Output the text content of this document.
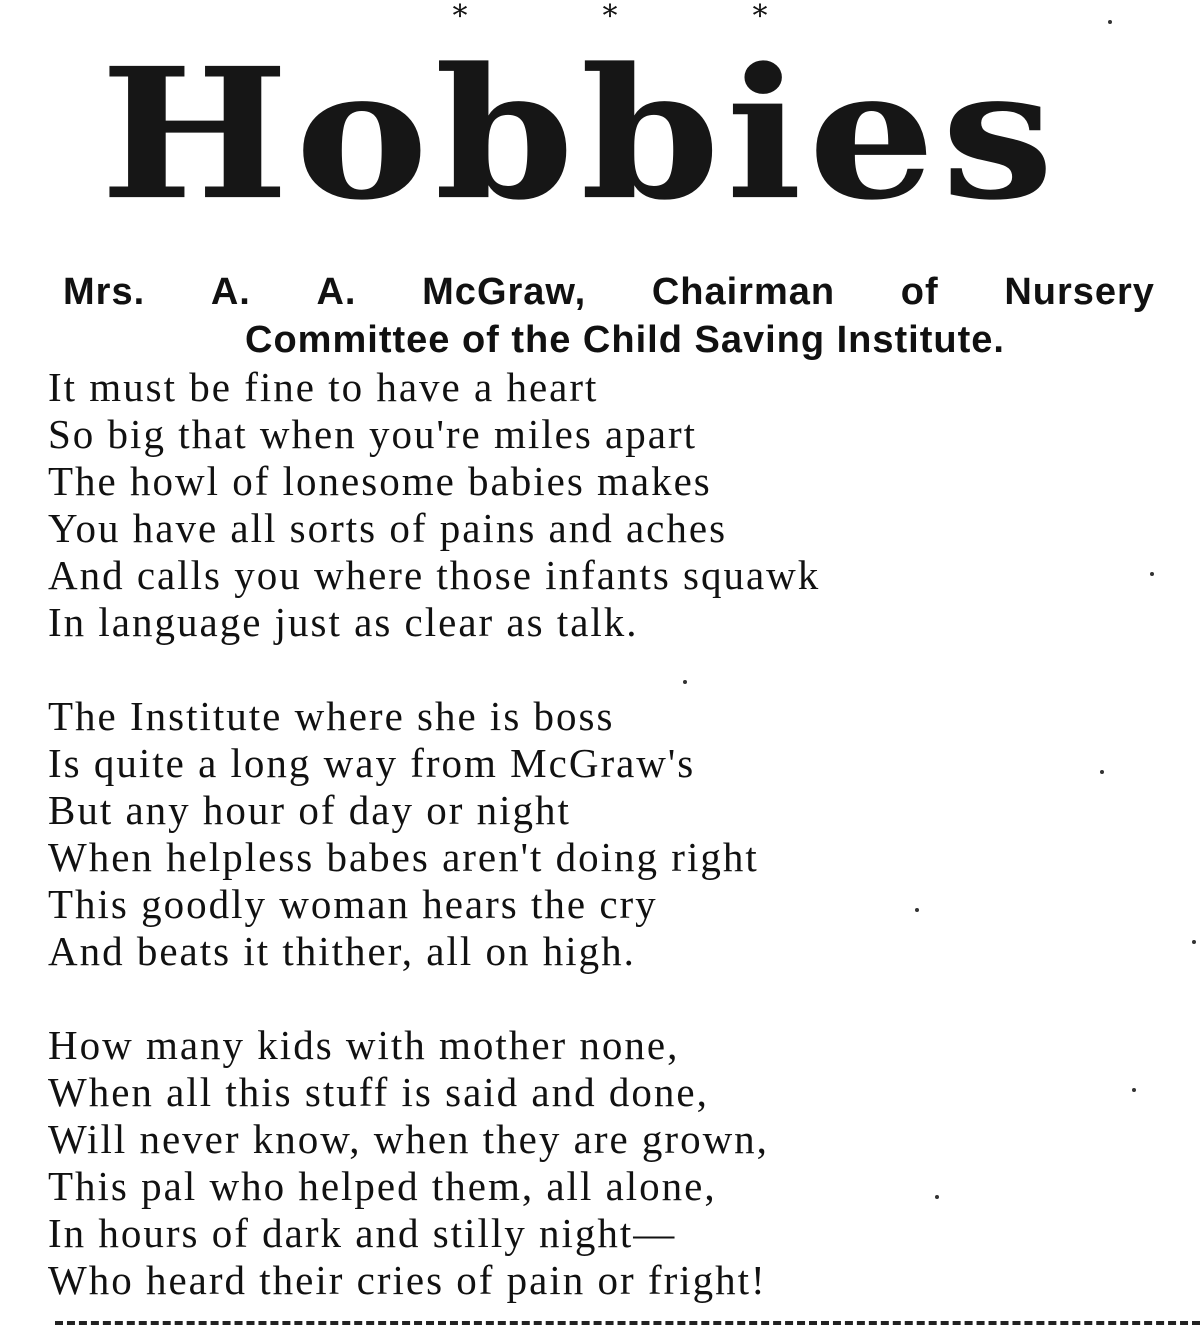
*	*	*
Hobbies
Mrs. A. A. McGraw, Chairman of Nursery
Committee of the Child Saving Institute.
It must be fine to have a heart
So big that when you're miles apart
The howl of lonesome babies makes
You have all sorts of pains and aches
And calls you where those infants squawk
In language just as clear as talk.
The Institute where she is boss
Is quite a long way from McGraw's
But any hour of day or night
When helpless babes aren't doing right
This goodly woman hears the cry
And beats it thither, all on high.
How many kids with mother none,
When all this stuff is said and done,
Will never know, when they are grown,
This pal who helped them, all alone,
In hours of dark and stilly night—
Who heard their cries of pain or fright!
